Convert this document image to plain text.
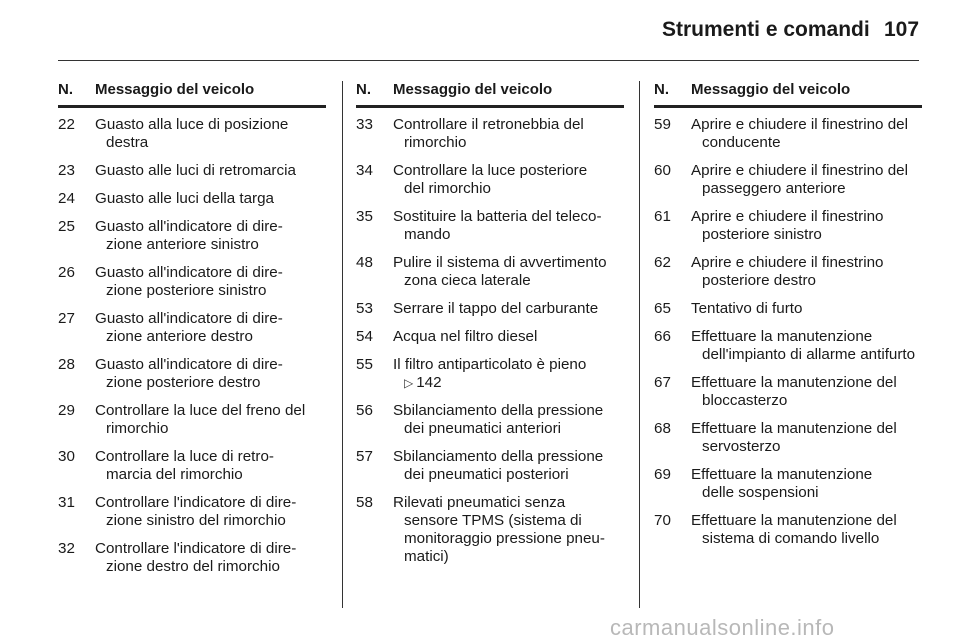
Strumenti e comandi 107
N.	Messaggio del veicolo
22	Guasto alla luce di posizione
destra
23	Guasto alle luci di retromarcia
24	Guasto alle luci della targa
25	Guasto all'indicatore di dire-
zione anteriore sinistro
26	Guasto all'indicatore di dire-
zione posteriore sinistro
27	Guasto all'indicatore di dire-
zione anteriore destro
28	Guasto all'indicatore di dire-
zione posteriore destro
29	Controllare la luce del freno del
rimorchio
30	Controllare la luce di retro-
marcia del rimorchio
31	Controllare l'indicatore di dire-
zione sinistro del rimorchio
32	Controllare l'indicatore di dire-
zione destro del rimorchio
N.	Messaggio del veicolo
33	Controllare il retronebbia del
rimorchio
34	Controllare la luce posteriore
del rimorchio
35	Sostituire la batteria del teleco-
mando
48	Pulire il sistema di avvertimento
zona cieca laterale
53	Serrare il tappo del carburante
54	Acqua nel filtro diesel
55	Il filtro antiparticolato è pieno
▷ 142
56	Sbilanciamento della pressione
dei pneumatici anteriori
57	Sbilanciamento della pressione
dei pneumatici posteriori
58	Rilevati pneumatici senza
sensore TPMS (sistema di
monitoraggio pressione pneu-
matici)
N.	Messaggio del veicolo
59	Aprire e chiudere il finestrino del
conducente
60	Aprire e chiudere il finestrino del
passeggero anteriore
61	Aprire e chiudere il finestrino
posteriore sinistro
62	Aprire e chiudere il finestrino
posteriore destro
65	Tentativo di furto
66	Effettuare la manutenzione
dell'impianto di allarme antifurto
67	Effettuare la manutenzione del
bloccasterzo
68	Effettuare la manutenzione del
servosterzo
69	Effettuare la manutenzione
delle sospensioni
70	Effettuare la manutenzione del
sistema di comando livello
carmanualsonline.info
